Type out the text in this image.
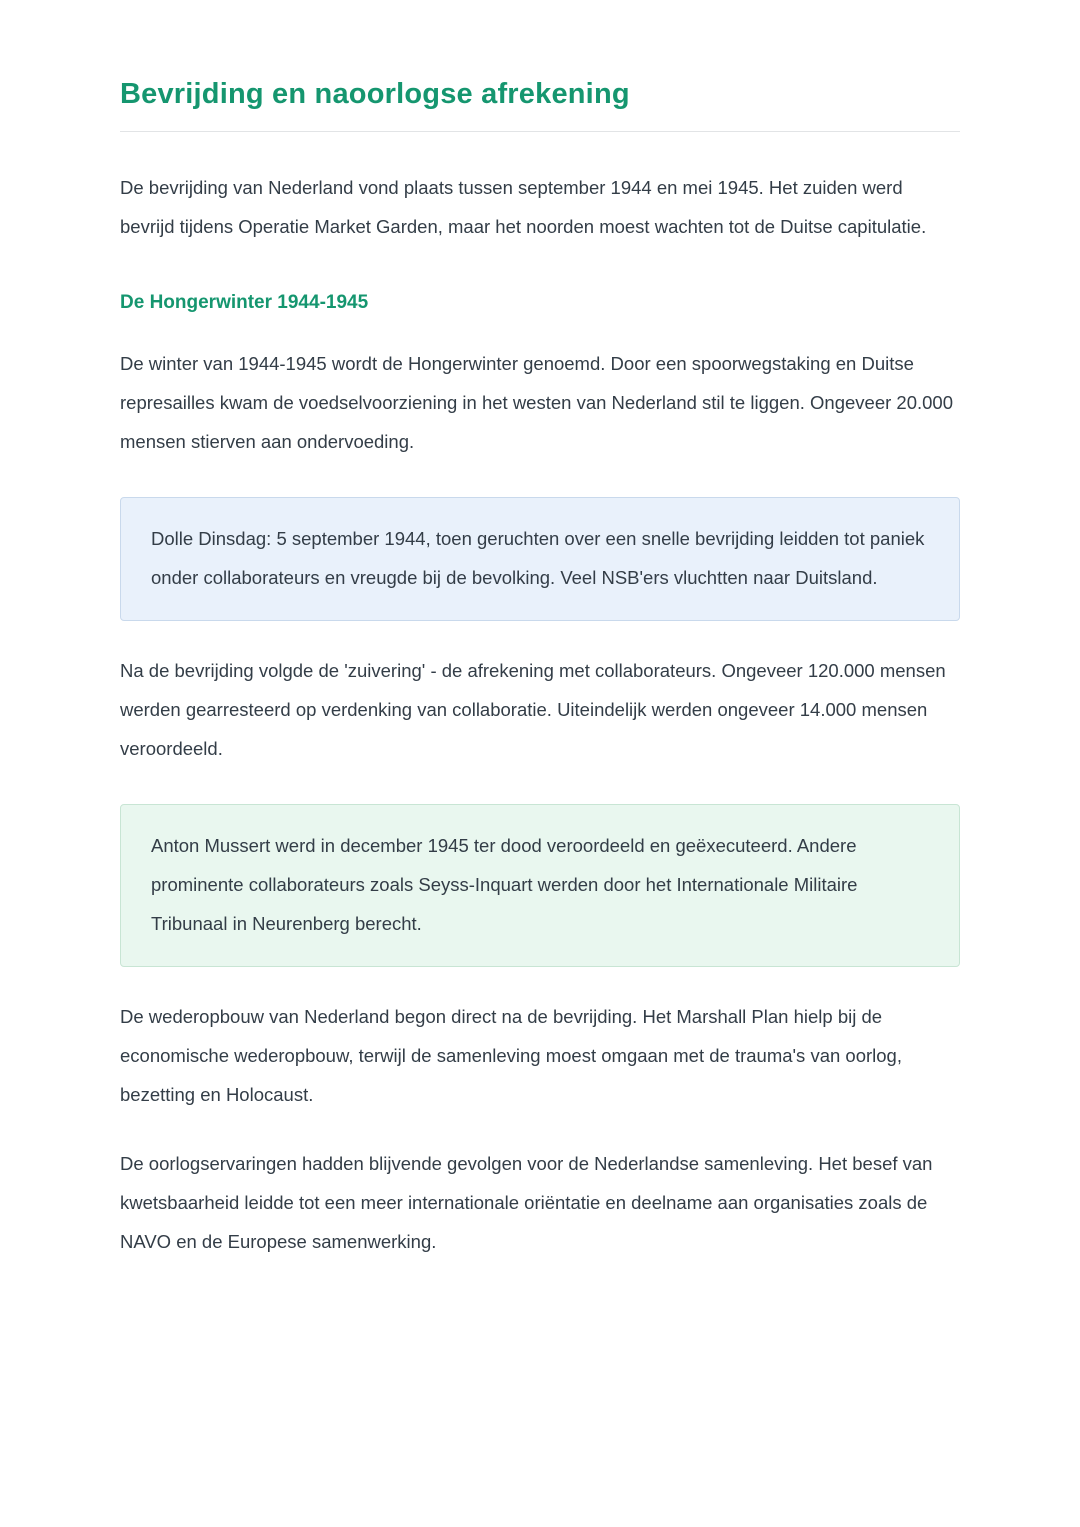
Bevrijding en naoorlogse afrekening

De bevrijding van Nederland vond plaats tussen september 1944 en mei 1945. Het zuiden werd bevrijd tijdens Operatie Market Garden, maar het noorden moest wachten tot de Duitse capitulatie.

De Hongerwinter 1944-1945

De winter van 1944-1945 wordt de Hongerwinter genoemd. Door een spoorwegstaking en Duitse represailles kwam de voedselvoorziening in het westen van Nederland stil te liggen. Ongeveer 20.000 mensen stierven aan ondervoeding.

Dolle Dinsdag: 5 september 1944, toen geruchten over een snelle bevrijding leidden tot paniek onder collaborateurs en vreugde bij de bevolking. Veel NSB'ers vluchtten naar Duitsland.

Na de bevrijding volgde de 'zuivering' - de afrekening met collaborateurs. Ongeveer 120.000 mensen werden gearresteerd op verdenking van collaboratie. Uiteindelijk werden ongeveer 14.000 mensen veroordeeld.

Anton Mussert werd in december 1945 ter dood veroordeeld en geëxecuteerd. Andere prominente collaborateurs zoals Seyss-Inquart werden door het Internationale Militaire Tribunaal in Neurenberg berecht.

De wederopbouw van Nederland begon direct na de bevrijding. Het Marshall Plan hielp bij de economische wederopbouw, terwijl de samenleving moest omgaan met de trauma's van oorlog, bezetting en Holocaust.

De oorlogservaringen hadden blijvende gevolgen voor de Nederlandse samenleving. Het besef van kwetsbaarheid leidde tot een meer internationale oriëntatie en deelname aan organisaties zoals de NAVO en de Europese samenwerking.
